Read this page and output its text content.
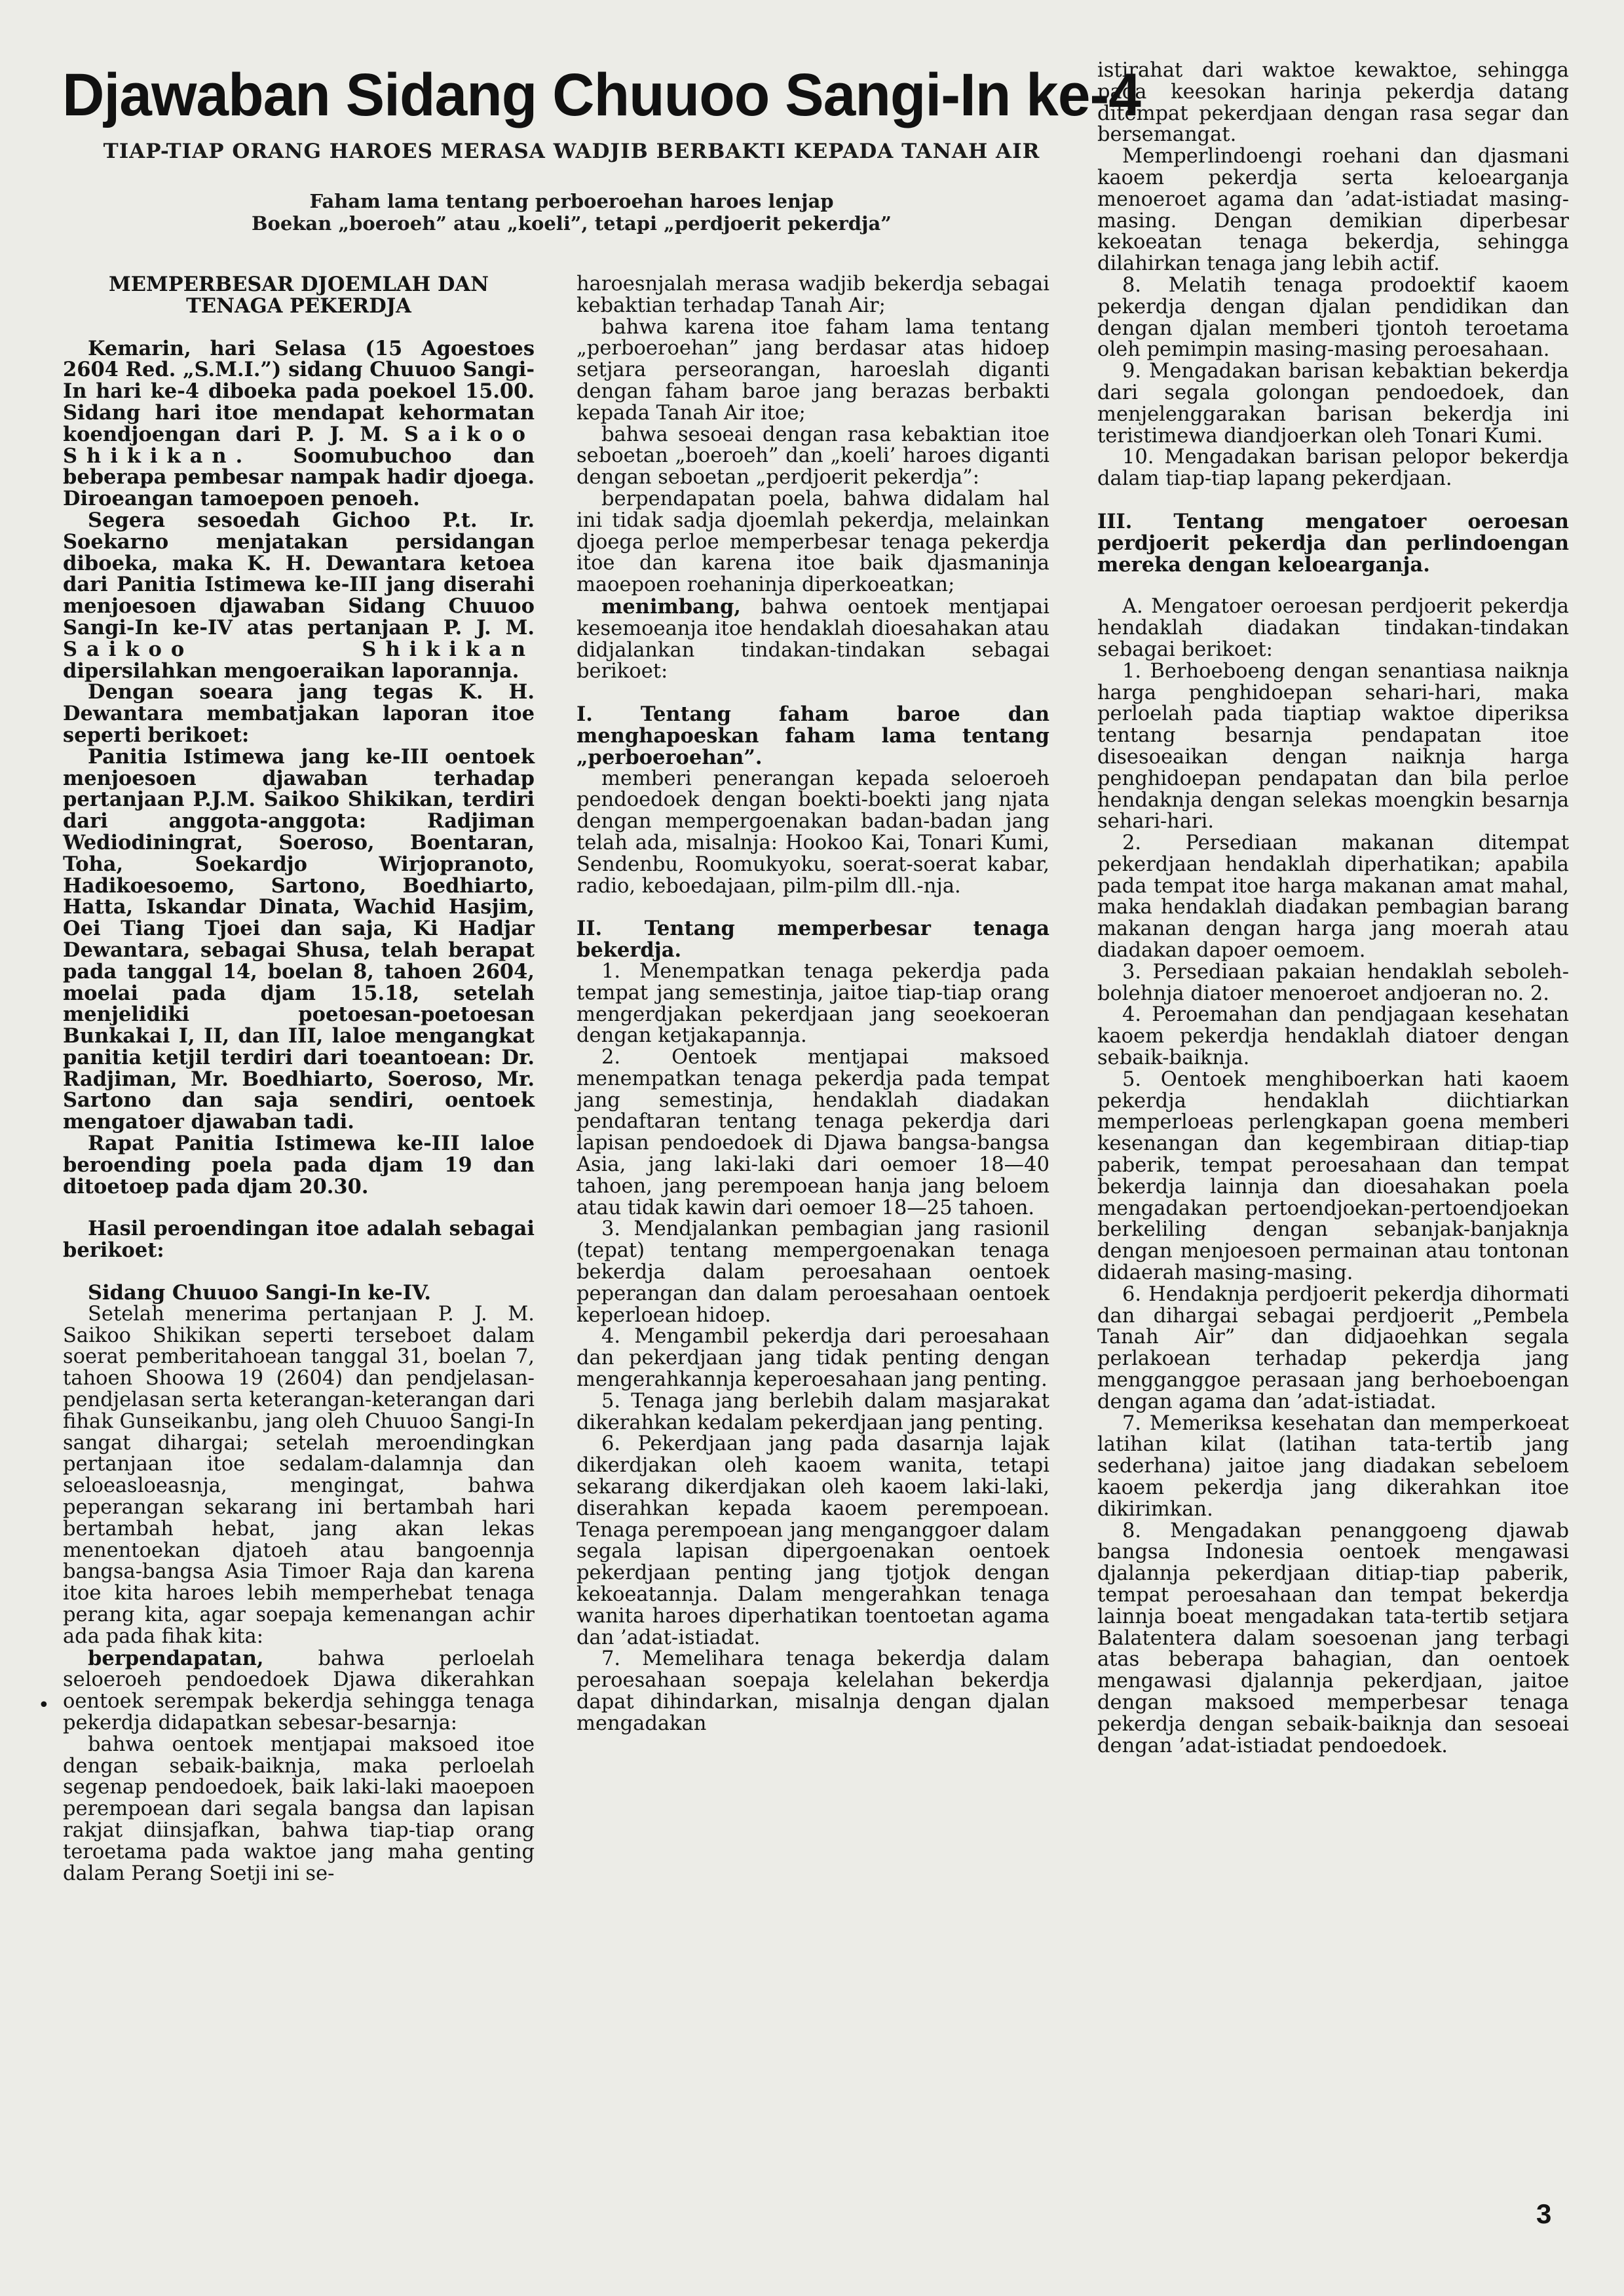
Djawaban Sidang Chuuoo Sangi-In ke-4
TIAP-TIAP ORANG HAROES MERASA WADJIB BERBAKTI KEPADA TANAH AIR
Faham lama tentang perboeroehan haroes lenjap
Boekan „boeroeh” atau „koeli”, tetapi „perdjoerit pekerdja”

MEMPERBESAR DJOEMLAH DAN TENAGA PEKERDJA

Kemarin, hari Selasa (15 Agoestoes 2604 Red. „S.M.I.”) sidang Chuuoo Sangi-In hari ke-4 diboeka pada poekoel 15.00. Sidang hari itoe mendapat kehormatan koendjoengan dari P. J. M. Saikoo Shikikan. Soomubuchoo dan beberapa pembesar nampak hadir djoega. Diroeangan tamoepoen penoeh.

Segera sesoedah Gichoo P.t. Ir. Soekarno menjatakan persidangan diboeka, maka K. H. Dewantara ketoea dari Panitia Istimewa ke-III jang diserahi menjoesoen djawaban Sidang Chuuoo Sangi-In ke-IV atas pertanjaan P. J. M. Saikoo Shikikan dipersilahkan mengoeraikan laporannja.

Dengan soeara jang tegas K. H. Dewantara membatjakan laporan itoe seperti berikoet:

Panitia Istimewa jang ke-III oentoek menjoesoen djawaban terhadap pertanjaan P.J.M. Saikoo Shikikan, terdiri dari anggota-anggota: Radjiman Wediodiningrat, Soeroso, Boentaran, Toha, Soekardjo Wirjopranoto, Hadikoesoemo, Sartono, Boedhiarto, Hatta, Iskandar Dinata, Wachid Hasjim, Oei Tiang Tjoei dan saja, Ki Hadjar Dewantara, sebagai Shusa, telah berapat pada tanggal 14, boelan 8, tahoen 2604, moelai pada djam 15.18, setelah menjelidiki poetoesan-poetoesan Bunkakai I, II, dan III, laloe mengangkat panitia ketjil terdiri dari toeantoean: Dr. Radjiman, Mr. Boedhiarto, Soeroso, Mr. Sartono dan saja sendiri, oentoek mengatoer djawaban tadi.

Rapat Panitia Istimewa ke-III laloe beroending poela pada djam 19 dan ditoetoep pada djam 20.30.

Hasil peroendingan itoe adalah sebagai berikoet:

Sidang Chuuoo Sangi-In ke-IV.

Setelah menerima pertanjaan P. J. M. Saikoo Shikikan seperti terseboet dalam soerat pemberitahoean tanggal 31, boelan 7, tahoen Shoowa 19 (2604) dan pendjelasan-pendjelasan serta keterangan-keterangan dari fihak Gunseikanbu, jang oleh Chuuoo Sangi-In sangat dihargai; setelah meroendingkan pertanjaan itoe sedalam-dalamnja dan seloeasloeasnja, mengingat, bahwa peperangan sekarang ini bertambah hari bertambah hebat, jang akan lekas menentoekan djatoeh atau bangoennja bangsa-bangsa Asia Timoer Raja dan karena itoe kita haroes lebih memperhebat tenaga perang kita, agar soepaja kemenangan achir ada pada fihak kita:

berpendapatan,	bahwa perloelah seloeroeh pendoedoek Djawa dikerahkan oentoek serempak bekerdja sehingga tenaga pekerdja didapatkan sebesar-besarnja:

bahwa oentoek mentjapai maksoed itoe dengan sebaik-baiknja, maka perloelah segenap pendoedoek, baik laki-laki maoepoen perempoean dari segala bangsa dan lapisan rakjat diinsjafkan, bahwa tiap-tiap orang teroetama pada waktoe jang maha genting dalam Perang Soetji ini se-

•

haroesnjalah merasa wadjib bekerdja sebagai kebaktian terhadap Tanah Air;

bahwa karena itoe faham lama tentang „perboeroehan” jang berdasar atas hidoep setjara perseorangan, haroeslah diganti dengan faham baroe jang berazas berbakti kepada Tanah Air itoe;

bahwa sesoeai dengan rasa kebaktian itoe seboetan „boeroeh” dan „koeli’ haroes diganti dengan seboetan „perdjoerit pekerdja”:

berpendapatan poela, bahwa didalam hal ini tidak sadja djoemlah pekerdja, melainkan djoega perloe memperbesar tenaga pekerdja itoe dan karena itoe baik djasmaninja maoepoen roehaninja diperkoeatkan;

menimbang, bahwa oentoek mentjapai kesemoeanja itoe hendaklah dioesahakan atau didjalankan tindakan-tindakan sebagai berikoet:

I. Tentang faham baroe dan menghapoeskan faham lama tentang „perboeroehan”.

memberi penerangan kepada seloeroeh pendoedoek dengan boekti-boekti jang njata dengan mempergoenakan badan-badan jang telah ada, misalnja: Hookoo Kai, Tonari Kumi, Sendenbu, Roomukyoku, soerat-soerat kabar, radio, keboedajaan, pilm-pilm dll.-nja.

II. Tentang memperbesar tenaga bekerdja.

1. Menempatkan tenaga pekerdja pada tempat jang semestinja, jaitoe tiap-tiap orang mengerdjakan pekerdjaan jang seoekoeran dengan ketjakapannja.

2. Oentoek mentjapai maksoed menempatkan tenaga pekerdja pada tempat jang semestinja, hendaklah diadakan pendaftaran tentang tenaga pekerdja dari lapisan pendoedoek di Djawa bangsa-bangsa Asia, jang laki-laki dari oemoer 18—40 tahoen, jang perempoean hanja jang beloem atau tidak kawin dari oemoer 18—25 tahoen.

3. Mendjalankan pembagian jang rasionil (tepat) tentang mempergoenakan tenaga bekerdja dalam peroesahaan oentoek peperangan dan dalam peroesahaan oentoek keperloean hidoep.

4. Mengambil pekerdja dari peroesahaan dan pekerdjaan jang tidak penting dengan mengerahkannja keperoesahaan jang penting.

5. Tenaga jang berlebih dalam masjarakat dikerahkan kedalam pekerdjaan jang penting.

6. Pekerdjaan jang pada dasarnja lajak dikerdjakan oleh kaoem wanita, tetapi sekarang dikerdjakan oleh kaoem laki-laki, diserahkan kepada kaoem perempoean. Tenaga perempoean jang menganggoer dalam segala lapisan dipergoenakan oentoek pekerdjaan penting jang tjotjok dengan kekoeatannja. Dalam mengerahkan tenaga wanita haroes diperhatikan toentoetan agama dan ’adat-istiadat.

7. Memelihara tenaga bekerdja dalam peroesahaan soepaja kelelahan bekerdja dapat dihindarkan, misalnja dengan djalan mengadakan

istirahat dari waktoe kewaktoe, sehingga pada keesokan harinja pekerdja datang ditempat pekerdjaan dengan rasa segar dan bersemangat.

Memperlindoengi roehani dan djasmani kaoem pekerdja serta keloearganja menoeroet agama dan ’adat-istiadat masing-masing. Dengan demikian diperbesar kekoeatan tenaga bekerdja, sehingga dilahirkan tenaga jang lebih actif.

8. Melatih tenaga prodoektif kaoem pekerdja dengan djalan pendidikan dan dengan djalan memberi tjontoh teroetama oleh pemimpin masing-masing peroesahaan.

9. Mengadakan barisan kebaktian bekerdja dari segala golongan pendoedoek, dan menjelenggarakan barisan bekerdja ini teristimewa diandjoerkan oleh Tonari Kumi.

10. Mengadakan barisan pelopor bekerdja dalam tiap-tiap lapang pekerdjaan.

III. Tentang mengatoer oeroesan perdjoerit pekerdja dan perlindoengan mereka dengan keloearganja.

A. Mengatoer oeroesan perdjoerit pekerdja hendaklah diadakan tindakan-tindakan sebagai berikoet:

1. Berhoeboeng dengan senantiasa naiknja harga penghidoepan sehari-hari, maka perloelah pada tiaptiap waktoe diperiksa tentang besarnja pendapatan itoe disesoeaikan dengan naiknja harga penghidoepan pendapatan dan bila perloe hendaknja dengan selekas moengkin besarnja sehari-hari.

2. Persediaan makanan ditempat pekerdjaan hendaklah diperhatikan; apabila pada tempat itoe harga makanan amat mahal, maka hendaklah diadakan pembagian barang makanan dengan harga jang moerah atau diadakan dapoer oemoem.

3. Persediaan pakaian hendaklah seboleh-bolehnja diatoer menoeroet andjoeran no. 2.

4. Peroemahan dan pendjagaan kesehatan kaoem pekerdja hendaklah diatoer dengan sebaik-baiknja.

5. Oentoek menghiboerkan hati kaoem pekerdja hendaklah diichtiarkan memperloeas perlengkapan goena memberi kesenangan dan kegembiraan ditiap-tiap paberik, tempat peroesahaan dan tempat bekerdja lainnja dan dioesahakan poela mengadakan pertoendjoekan-pertoendjoekan berkeliling dengan sebanjak-banjaknja dengan menjoesoen permainan atau tontonan didaerah masing-masing.

6. Hendaknja perdjoerit pekerdja dihormati dan dihargai sebagai perdjoerit „Pembela Tanah Air” dan didjaoehkan segala perlakoean terhadap pekerdja jang mengganggoe perasaan jang berhoeboengan dengan agama dan ’adat-istiadat.

7. Memeriksa kesehatan dan memperkoeat latihan kilat (latihan tata-tertib jang sederhana) jaitoe jang diadakan sebeloem kaoem pekerdja jang dikerahkan itoe dikirimkan.

8. Mengadakan penanggoeng djawab bangsa Indonesia oentoek mengawasi djalannja pekerdjaan ditiap-tiap paberik, tempat peroesahaan dan tempat bekerdja lainnja boeat mengadakan tata-tertib setjara Balatentera dalam soesoenan jang terbagi atas beberapa bahagian, dan oentoek mengawasi djalannja pekerdjaan, jaitoe dengan maksoed memperbesar tenaga pekerdja dengan sebaik-baiknja dan sesoeai dengan ’adat-istiadat pendoedoek.

3
